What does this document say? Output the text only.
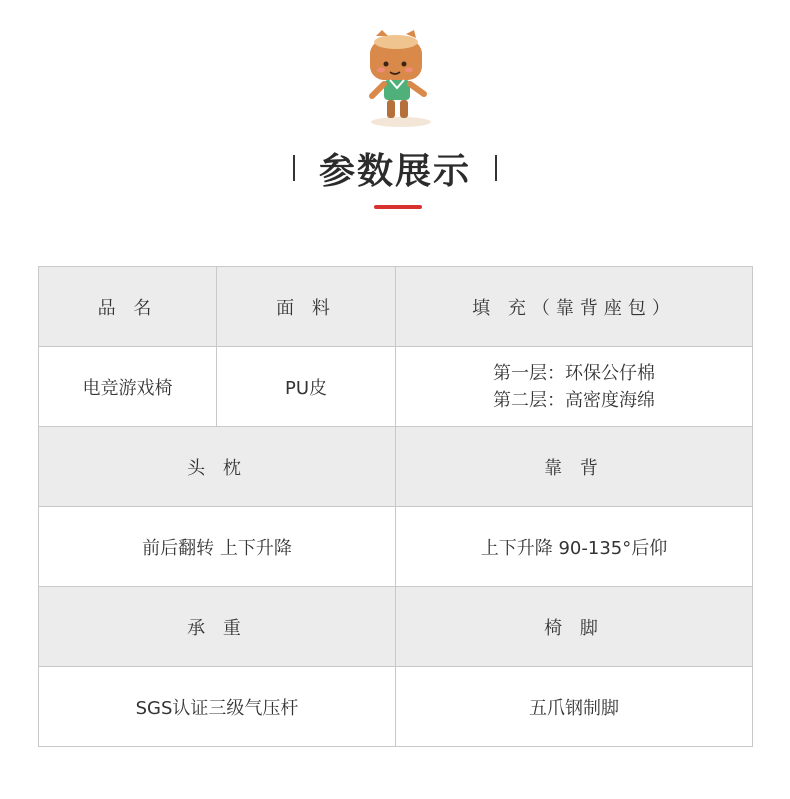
参数展示
品 名	面 料	填 充（靠背座包）
电竞游戏椅	PU皮	第一层：环保公仔棉
第二层：高密度海绵

头 枕		靠 背
前后翻转 上下升降		上下升降 90-135°后仰
承 重		椅 脚
SGS认证三级气压杆		五爪钢制脚
